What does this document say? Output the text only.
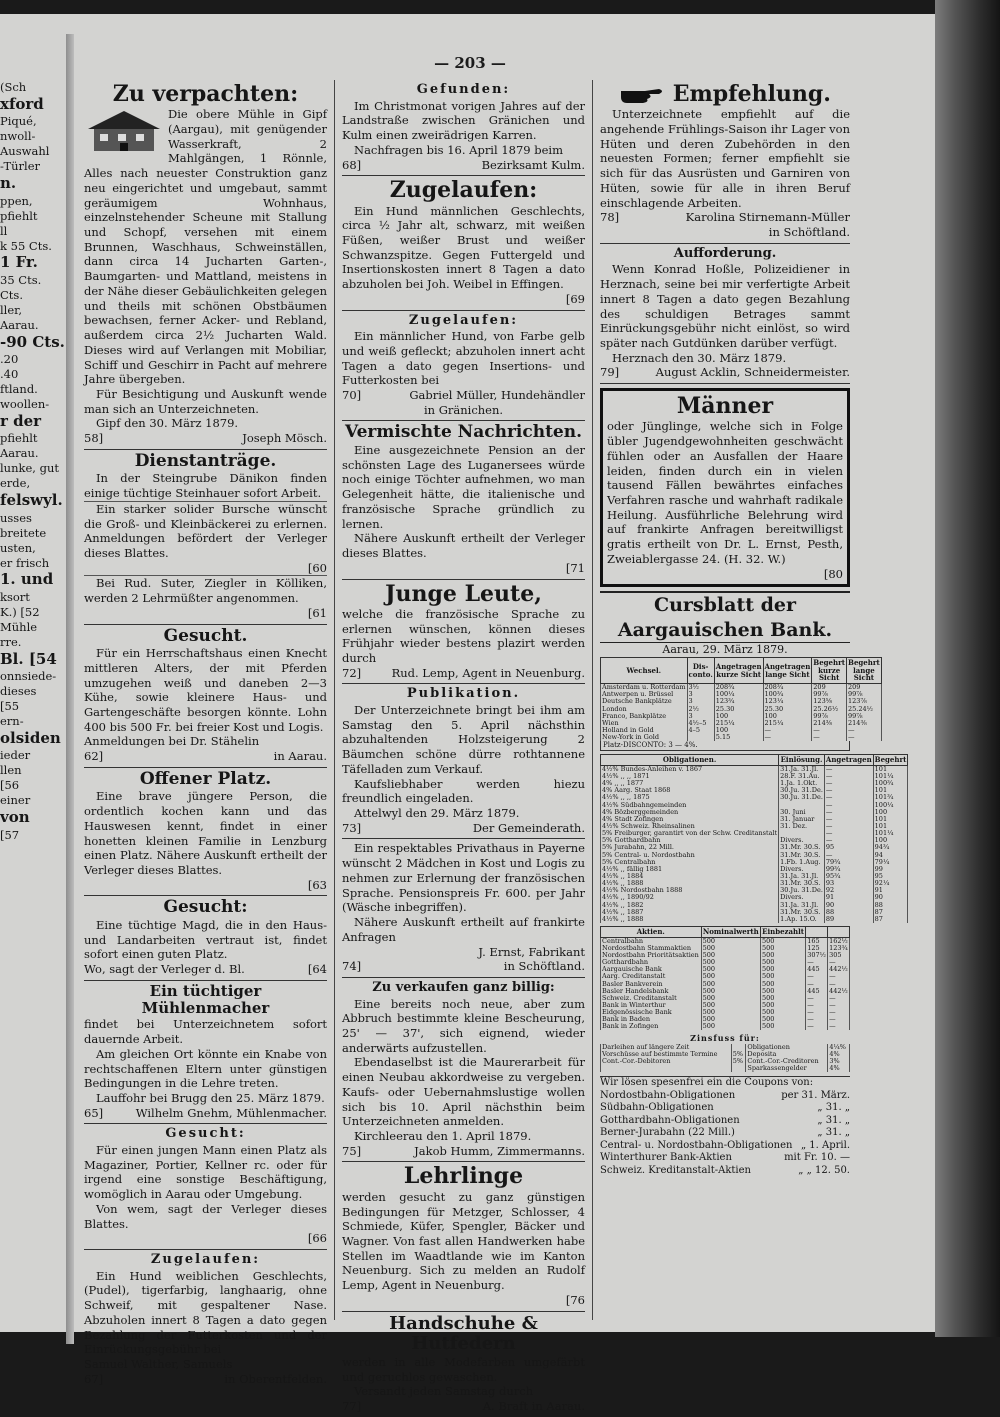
— 203 —

(Sch

xford

Piqué,

nwoll-

Auswahl

-Türler

n.

ppen,

pfiehlt

ll

k 55 Cts.

1 Fr.

35 Cts.

Cts.

ller,

Aarau.

-90 Cts.

.20

.40

ftland.

woollen-

r der

pfiehlt

Aarau.

lunke, gut

erde,

felswyl.

usses

breitete

usten,

er frisch

1. und

ksort

K.) [52

Mühle

rre.

Bl. [54

onnsiede-

dieses

[55

ern-

olsiden

ieder

llen

[56

einer

von

[57

Zu verpachten:

Die obere Mühle in Gipf (Aargau), mit genügender Wasserkraft, 2 Mahlgängen, 1 Rönnle, Alles nach neuester Construktion ganz neu eingerichtet und umgebaut, sammt geräumigem Wohnhaus, einzelnstehender Scheune mit Stallung und Schopf, versehen mit einem Brunnen, Waschhaus, Schweinställen, dann circa 14 Jucharten Garten-, Baumgarten- und Mattland, meistens in der Nähe dieser Gebäulichkeiten gelegen und theils mit schönen Obstbäumen bewachsen, ferner Acker- und Rebland, außerdem circa 2½ Jucharten Wald. Dieses wird auf Verlangen mit Mobiliar, Schiff und Geschirr in Pacht auf mehrere Jahre übergeben.

Für Besichtigung und Auskunft wende man sich an Unterzeichneten.

Gipf den 30. März 1879.

58]	Joseph Mösch.
Dienstanträge.

In der Steingrube Dänikon finden einige tüchtige Steinhauer sofort Arbeit.

Ein starker solider Bursche wünscht die Groß- und Kleinbäckerei zu erlernen. Anmeldungen befördert der Verleger dieses Blattes.

[60

Bei Rud. Suter, Ziegler in Kölliken, werden 2 Lehrmüßter angenommen.

[61
Gesucht.

Für ein Herrschaftshaus einen Knecht mittleren Alters, der mit Pferden umzugehen weiß und daneben 2—3 Kühe, sowie kleinere Haus- und Gartengeschäfte besorgen könnte. Lohn 400 bis 500 Fr. bei freier Kost und Logis.

Anmeldungen bei Dr. Stähelin

62]	in Aarau.
Offener Platz.

Eine brave jüngere Person, die ordentlich kochen kann und das Hauswesen kennt, findet in einer honetten kleinen Familie in Lenzburg einen Platz. Nähere Auskunft ertheilt der Verleger dieses Blattes.

[63
Gesucht:

Eine tüchtige Magd, die in den Haus- und Landarbeiten vertraut ist, findet sofort einen guten Platz.

Wo, sagt der Verleger d. Bl.	[64
Ein tüchtiger Mühlenmacher

findet bei Unterzeichnetem sofort dauernde Arbeit.

Am gleichen Ort könnte ein Knabe von rechtschaffenen Eltern unter günstigen Bedingungen in die Lehre treten.

Lauffohr bei Brugg den 25. März 1879.

65]	Wilhelm Gnehm, Mühlenmacher.
Gesucht:

Für einen jungen Mann einen Platz als Magaziner, Portier, Kellner rc. oder für irgend eine sonstige Beschäftigung, womöglich in Aarau oder Umgebung.

Von wem, sagt der Verleger dieses Blattes.

[66
Zugelaufen:

Ein Hund weiblichen Geschlechts, (Pudel), tigerfarbig, langhaarig, ohne Schweif, mit gespaltener Nase. Abzuholen innert 8 Tagen a dato gegen Bezahlung der Futterkosten und der Einrückungsgebühr bei

Samuel Walther, Samuels

67]	in Oberentfelden.
Gefunden:

Im Christmonat vorigen Jahres auf der Landstraße zwischen Gränichen und Kulm einen zweirädrigen Karren.

Nachfragen bis 16. April 1879 beim

68]	Bezirksamt Kulm.
Zugelaufen:

Ein Hund männlichen Geschlechts, circa ½ Jahr alt, schwarz, mit weißen Füßen, weißer Brust und weißer Schwanzspitze. Gegen Futtergeld und Insertionskosten innert 8 Tagen a dato abzuholen bei Joh. Weibel in Effingen.

[69
Zugelaufen:

Ein männlicher Hund, von Farbe gelb und weiß gefleckt; abzuholen innert acht Tagen a dato gegen Insertions- und Futterkosten bei

70]	Gabriel Müller, Hundehändler
in Gränichen.
Vermischte Nachrichten.

Eine ausgezeichnete Pension an der schönsten Lage des Luganersees würde noch einige Töchter aufnehmen, wo man Gelegenheit hätte, die italienische und französische Sprache gründlich zu lernen.

Nähere Auskunft ertheilt der Verleger dieses Blattes.

[71
Junge Leute,

welche die französische Sprache zu erlernen wünschen, können dieses Frühjahr wieder bestens plazirt werden durch

72]	Rud. Lemp, Agent in Neuenburg.
Publikation.

Der Unterzeichnete bringt bei ihm am Samstag den 5. April nächsthin abzuhaltenden Holzsteigerung 2 Bäumchen schöne dürre rothtannene Täfelladen zum Verkauf.

Kaufsliebhaber werden hiezu freundlich eingeladen.

Attelwyl den 29. März 1879.

73]	Der Gemeinderath.

Ein respektables Privathaus in Payerne wünscht 2 Mädchen in Kost und Logis zu nehmen zur Erlernung der französischen Sprache. Pensionspreis Fr. 600. per Jahr (Wäsche inbegriffen).

Nähere Auskunft ertheilt auf frankirte Anfragen

J. Ernst, Fabrikant
74]	in Schöftland.
Zu verkaufen ganz billig:

Eine bereits noch neue, aber zum Abbruch bestimmte kleine Bescheurung, 25' — 37', sich eignend, wieder anderwärts aufzustellen.

Ebendaselbst ist die Maurerarbeit für einen Neubau akkordweise zu vergeben. Kaufs- oder Uebernahmslustige wollen sich bis 10. April nächsthin beim Unterzeichneten anmelden.

Kirchleerau den 1. April 1879.

75]	Jakob Humm, Zimmermanns.
Lehrlinge

werden gesucht zu ganz günstigen Bedingungen für Metzger, Schlosser, 4 Schmiede, Küfer, Spengler, Bäcker und Wagner. Von fast allen Handwerken habe Stellen im Waadtlande wie im Kanton Neuenburg. Sich zu melden an Rudolf Lemp, Agent in Neuenburg.

[76
Handschuhe & Hutfedern

werden in alle Modefarben umgefärbt und geruchlos gewaschen.

Versandt jeden Samstag durch

77]	A. Braft in Aarau.
Empfehlung.

Unterzeichnete empfiehlt auf die angehende Frühlings-Saison ihr Lager von Hüten und deren Zubehörden in den neuesten Formen; ferner empfiehlt sie sich für das Ausrüsten und Garniren von Hüten, sowie für alle in ihren Beruf einschlagende Arbeiten.

78]	Karolina Stirnemann-Müller
in Schöftland.
Aufforderung.

Wenn Konrad Hoßle, Polizeidiener in Herznach, seine bei mir verfertigte Arbeit innert 8 Tagen a dato gegen Bezahlung des schuldigen Betrages sammt Einrückungsgebühr nicht einlöst, so wird später nach Gutdünken darüber verfügt.

Herznach den 30. März 1879.

79]	August Acklin, Schneidermeister.
Männer

oder Jünglinge, welche sich in Folge übler Jugendgewohnheiten geschwächt fühlen oder an Ausfallen der Haare leiden, finden durch ein in vielen tausend Fällen bewährtes einfaches Verfahren rasche und wahrhaft radikale Heilung. Ausführliche Belehrung wird auf frankirte Anfragen bereitwilligst gratis ertheilt von Dr. L. Ernst, Pesth, Zweiablergasse 24. (H. 32. W.)

[80
Cursblatt der Aargauischen Bank.
Aarau, 29. März 1879.
Wechsel.	Dis-conto.	Angetragen kurze Sicht	Angetragen lange Sicht	Begehrt kurze Sicht	Begehrt lange Sicht
Amsterdam u. Rotterdam	3½	208¾	208¾	209	209
Antwerpen u. Brüssel	3	100¼	100¾	99⅞	99⅞
Deutsche Bankplätze	3	123¾	123¼	123⅝	123⅞
London	2½	25.30	25.30	25.26½	25.24½
Franco, Bankplätze	3	100	100	99⅞	99⅞
Wien	4½–5	215¼	215¼	214⅜	214⅜
Holland in Gold	4–5	100	—	—	—
New-York in Gold		5.15	—	—	—
Platz-DISCONTO: 3 — 4%.
Obligationen.	Einlösung.	Angetragen	Begehrt
4½% Bundes-Anleihen v. 1867	31.Ja. 31.Jl.	—	101
4½% ,, ,, 1871	28.F. 31.Au.	—	101¼
4% ,, ,, 1877	1.Ja. 1.Okt.	—	100¾
4% Aarg. Staat 1868	30.Ju. 31.De.	—	101
4½% ,, ,, 1875	30.Ju. 31.De.	—	101¾
4½% Südbahngemeinden		—	100¼
4% Bözberggemeinden	30. Juni	—	100
4% Stadt Zofingen	31. Januar	—	101
4½% Schweiz. Rheinsalinen	31. Dez.	—	101
5% Freiburger, garantirt von der Schw. Creditanstalt		—	101¼
5% Gotthardbahn	Divers.	—	100
5% Jurabahn, 22 Mill.	31.Mr. 30.S.	95	94¾
5% Central- u. Nordostbahn	31.Mr. 30.S.	—	94
5% Centralbahn	1.Fb. 1.Aug.	79¾	79¼
4½% ,, fällig 1881	Divers.	99¾	99
4½% ,, 1884	31.Ja. 31.Jl.	95¾	95
4½% ,, 1888	31.Mr. 30.S.	93	92¼
4½% Nordostbahn 1888	30.Ju. 31.De.	92	91
4½% ,, 1890/92	Divers.	91	90
4½% ,, 1882	31.Ja. 31.Jl.	90	88
4½% ,, 1887	31.Mr. 30.S.	88	87
4½% ,, 1888	1.Ap. 15.O.	89	87
Aktien.	Nominalwerth	Einbezahlt		
Centralbahn	500	500	165	162½
Nordostbahn Stammaktien	500	500	125	123¾
Nordostbahn Prioritätsaktien	500	500	307½	305
Gotthardbahn	500	500	—	—
Aargauische Bank	500	500	445	442½
Aarg. Creditanstalt	500	500	—	—
Basler Bankverein	500	500	—	—
Basler Handelsbank	500	500	445	442½
Schweiz. Creditanstalt	500	500	—	—
Bank in Winterthur	500	500	—	—
Eidgenössische Bank	500	500	—	—
Bank in Baden	500	500	—	—
Bank in Zofingen	500	500	—	—
Zinsfuss für:
Darleihen auf längere Zeit		Obligationen	4¼%
Vorschüsse auf bestimmte Termine	5%	Deposita	4%
Cont.-Cor.-Debitoren	5%	Cont.-Cor.-Creditoren	3%
		Sparkassengelder	4%
Wir lösen spesenfrei ein die Coupons von:
Nordostbahn-Obligationen	per 31. März.
Südbahn-Obligationen	„ 31. „
Gotthardbahn-Obligationen	„ 31. „
Berner-Jurabahn (22 Mill.)	„ 31. „
Central- u. Nordostbahn-Obligationen „ 1. April.
Winterthurer Bank-Aktien	mit Fr. 10. —
Schweiz. Kreditanstalt-Aktien	„ „ 12. 50.
